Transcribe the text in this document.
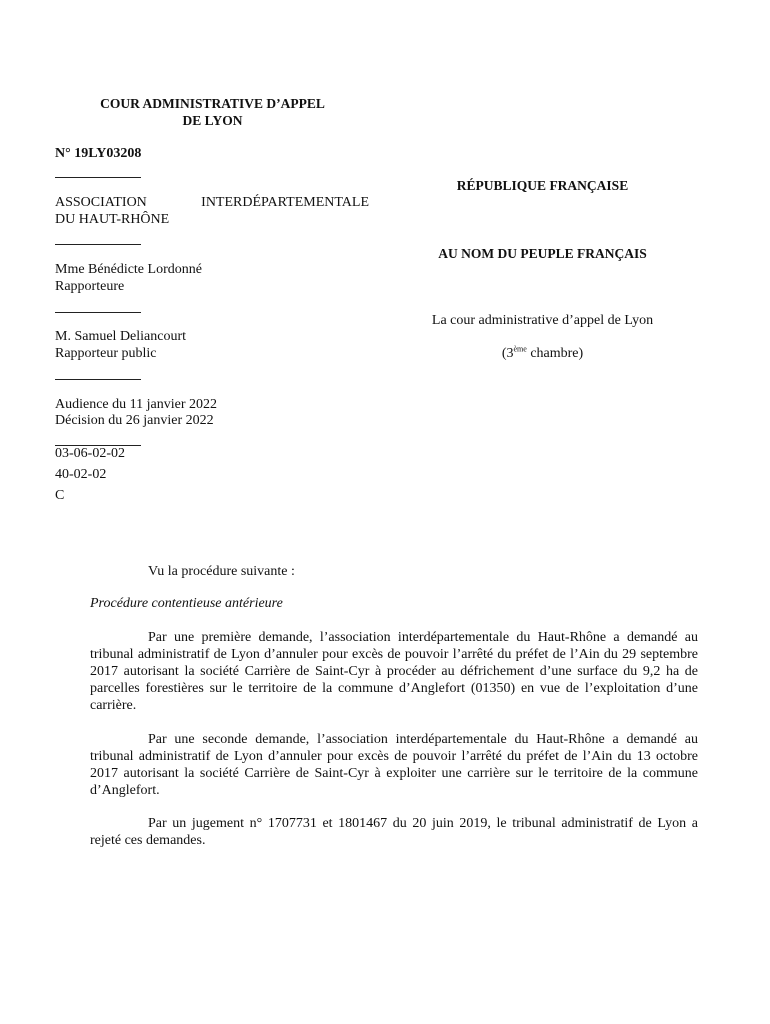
COUR ADMINISTRATIVE D’APPEL
DE LYON
N° 19LY03208
ASSOCIATION	INTERDÉPARTEMENTALE
DU HAUT-RHÔNE
Mme Bénédicte Lordonné
Rapporteure
M. Samuel Deliancourt
Rapporteur public
Audience du 11 janvier 2022
Décision du 26 janvier 2022
03-06-02-02
40-02-02
C
RÉPUBLIQUE FRANÇAISE
AU NOM DU PEUPLE FRANÇAIS
La cour administrative d’appel de Lyon
(3ème chambre)
Vu la procédure suivante :
Procédure contentieuse antérieure
Par une première demande, l’association interdépartementale du Haut-Rhône a demandé au tribunal administratif de Lyon d’annuler pour excès de pouvoir l’arrêté du préfet de l’Ain du 29 septembre 2017 autorisant la société Carrière de Saint-Cyr à procéder au défrichement d’une surface du 9,2 ha de parcelles forestières sur le territoire de la commune d’Anglefort (01350) en vue de l’exploitation d’une carrière.
Par une seconde demande, l’association interdépartementale du Haut-Rhône a demandé au tribunal administratif de Lyon d’annuler pour excès de pouvoir l’arrêté du préfet de l’Ain du 13 octobre 2017 autorisant la société Carrière de Saint-Cyr à exploiter une carrière sur le territoire de la commune d’Anglefort.
Par un jugement n° 1707731 et 1801467 du 20 juin 2019, le tribunal administratif de Lyon a rejeté ces demandes.
